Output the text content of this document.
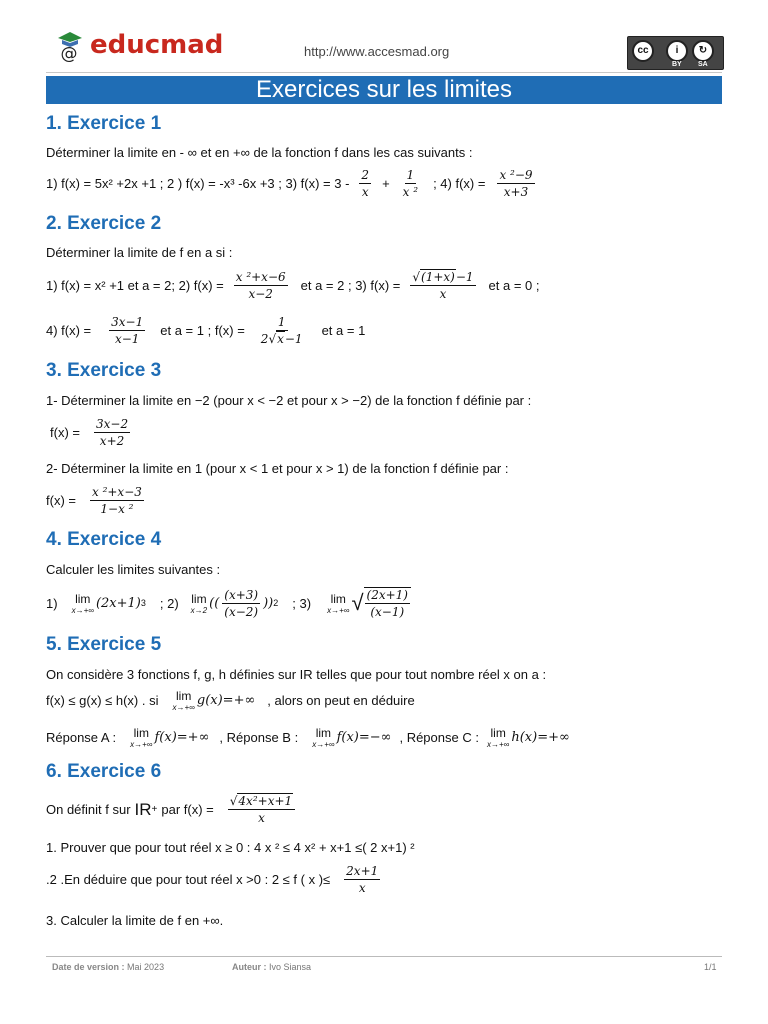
@ educmad	http://www.accesmad.org	cc	i	↻
BY SA
Exercices sur les limites
1. Exercice 1
Déterminer la limite en - ∞ et en +∞ de la fonction f dans les cas suivants :
1) f(x) = 5x² +2x +1 ; 2 ) f(x) = -x³ -6x +3 ; 3) $f(x) = 3 - \frac{2}{x} + \frac{1}{\text{x ²}}$ ; 4) $f(x) = \frac{\text{x ²−9}}{x+3}$
2. Exercice 2
Déterminer la limite de f en a si :
1) f(x) = x² +1 et a = 2; 2) $f(x) = \frac{\text{x ²+x−6}}{x-2}$ et a = 2 ; 3) $f(x) = \frac{√(1+x)-1}{x}$ et a = 0 ;
4) $f(x) = \frac{3x-1}{x-1}$ et a = 1 ; $f(x) = \frac{1}{2√x-1}$ et a = 1
3. Exercice 3
1- Déterminer la limite en −2 (pour x < −2 et pour x > −2) de la fonction f définie par :
$f(x) = \frac{3x-2}{x+2}$
2- Déterminer la limite en 1 (pour x < 1 et pour x > 1) de la fonction f définie par :
$f(x) = \frac{\text{x ²+x−3}}{\text{1−x ²}}$
4. Exercice 4
Calculer les limites suivantes :
1) lim
x→+∞ (2x+1) 3 ; 2) lim
x→2 (( $\frac{(x+3)}{(x-2)}$ )) 2 ; 3) lim
x→+∞ √ $\frac{(2x+1)}{(x-1)}$
5. Exercice 5
On considère 3 fonctions f, g, h définies sur IR telles que pour tout nombre réel x on a :
f(x) ≤ g(x) ≤ h(x) . si lim
x→+∞ g(x)=+∞ , alors on peut en déduire
Réponse A : lim
x→+∞ f(x)=+∞ , Réponse B : lim
x→+∞ f(x)=−∞ , Réponse C : lim
x→+∞ h(x)=+∞
6. Exercice 6
On définit f sur IR + par $f(x) = \frac{\text{√4x²+x+1}}{x}$
1. Prouver que pour tout réel x ≥ 0 : 4 x ² ≤ 4 x² + x+1 ≤( 2 x+1) ²
.2 .En déduire que pour tout réel x >0 : 2 ≤ f ( x )≤ $\frac{2x+1}{x}$
3. Calculer la limite de f en +∞.
Date de version : Mai 2023	Auteur : Ivo Siansa	1/1
